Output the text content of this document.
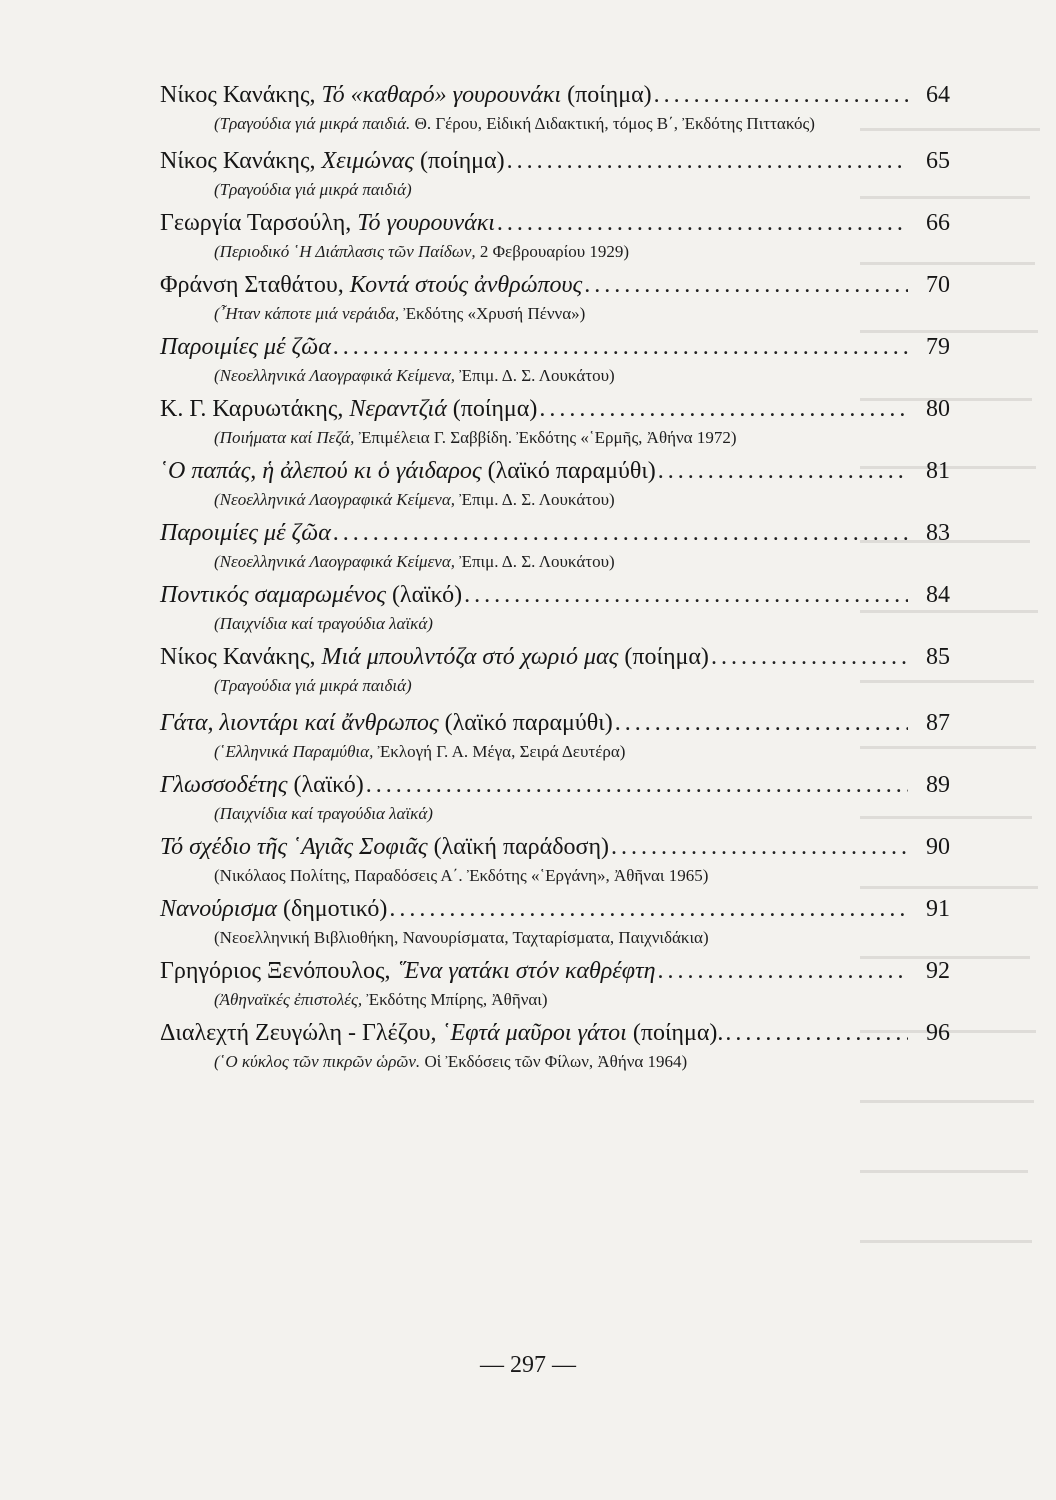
Νίκος Κανάκης, Τό «καθαρό» γουρουνάκι (ποίημα) . . .	64
(Τραγούδια γιά μικρά παιδιά. Θ. Γέρου, Εἰδική Διδακτική, τόμος Β΄, Ἐκδότης Πιττακός)
Νίκος Κανάκης, Χειμώνας (ποίημα) . . .	65
(Τραγούδια γιά μικρά παιδιά)
Γεωργία Ταρσούλη, Τό γουρουνάκι . . .	66
(Περιοδικό ῾Η Διάπλασις τῶν Παίδων, 2 Φεβρουαρίου 1929)
Φράνση Σταθάτου, Κοντά στούς ἀνθρώπους . . .	70
(῏Ηταν κάποτε μιά νεράιδα, Ἐκδότης «Χρυσή Πέννα»)
Παροιμίες μέ ζῶα . . .	79
(Νεοελληνικά Λαογραφικά Κείμενα, Ἐπιμ. Δ. Σ. Λουκάτου)
Κ. Γ. Καρυωτάκης, Νεραντζιά (ποίημα) . . .	80
(Ποιήματα καί Πεζά, Ἐπιμέλεια Γ. Σαββίδη. Ἐκδότης «῾Ερμῆς, Ἀθήνα 1972)
῾Ο παπάς, ἡ ἀλεπού κι ὁ γάιδαρος (λαϊκό παραμύθι) . . .	81
(Νεοελληνικά Λαογραφικά Κείμενα, Ἐπιμ. Δ. Σ. Λουκάτου)
Παροιμίες μέ ζῶα . . .	83
(Νεοελληνικά Λαογραφικά Κείμενα, Ἐπιμ. Δ. Σ. Λουκάτου)
Ποντικός σαμαρωμένος (λαϊκό) . . .	84
(Παιχνίδια καί τραγούδια λαϊκά)
Νίκος Κανάκης, Μιά μπουλντόζα στό χωριό μας (ποίημα) . . .	85
(Τραγούδια γιά μικρά παιδιά)
Γάτα, λιοντάρι καί ἄνθρωπος (λαϊκό παραμύθι) . . .	87
(῾Ελληνικά Παραμύθια, Ἐκλογή Γ. Α. Μέγα, Σειρά Δευτέρα)
Γλωσσοδέτης (λαϊκό) . . .	89
(Παιχνίδια καί τραγούδια λαϊκά)
Τό σχέδιο τῆς ῾Αγιᾶς Σοφιᾶς (λαϊκή παράδοση) . . .	90
(Νικόλαος Πολίτης, Παραδόσεις Α΄. Ἐκδότης «῾Εργάνη», Ἀθῆναι 1965)
Νανούρισμα (δημοτικό) . . .	91
(Νεοελληνική Βιβλιοθήκη, Νανουρίσματα, Ταχταρίσματα, Παιχνιδάκια)
Γρηγόριος Ξενόπουλος, ῞Ενα γατάκι στόν καθρέφτη . . .	92
(Ἀθηναϊκές ἐπιστολές, Ἐκδότης Μπίρης, Ἀθῆναι)
Διαλεχτή Ζευγώλη - Γλέζου, ῾Εφτά μαῦροι γάτοι (ποίημα). . . .	96
(῾Ο κύκλος τῶν πικρῶν ὡρῶν. Οἱ Ἐκδόσεις τῶν Φίλων, Ἀθήνα 1964)
— 297 —
